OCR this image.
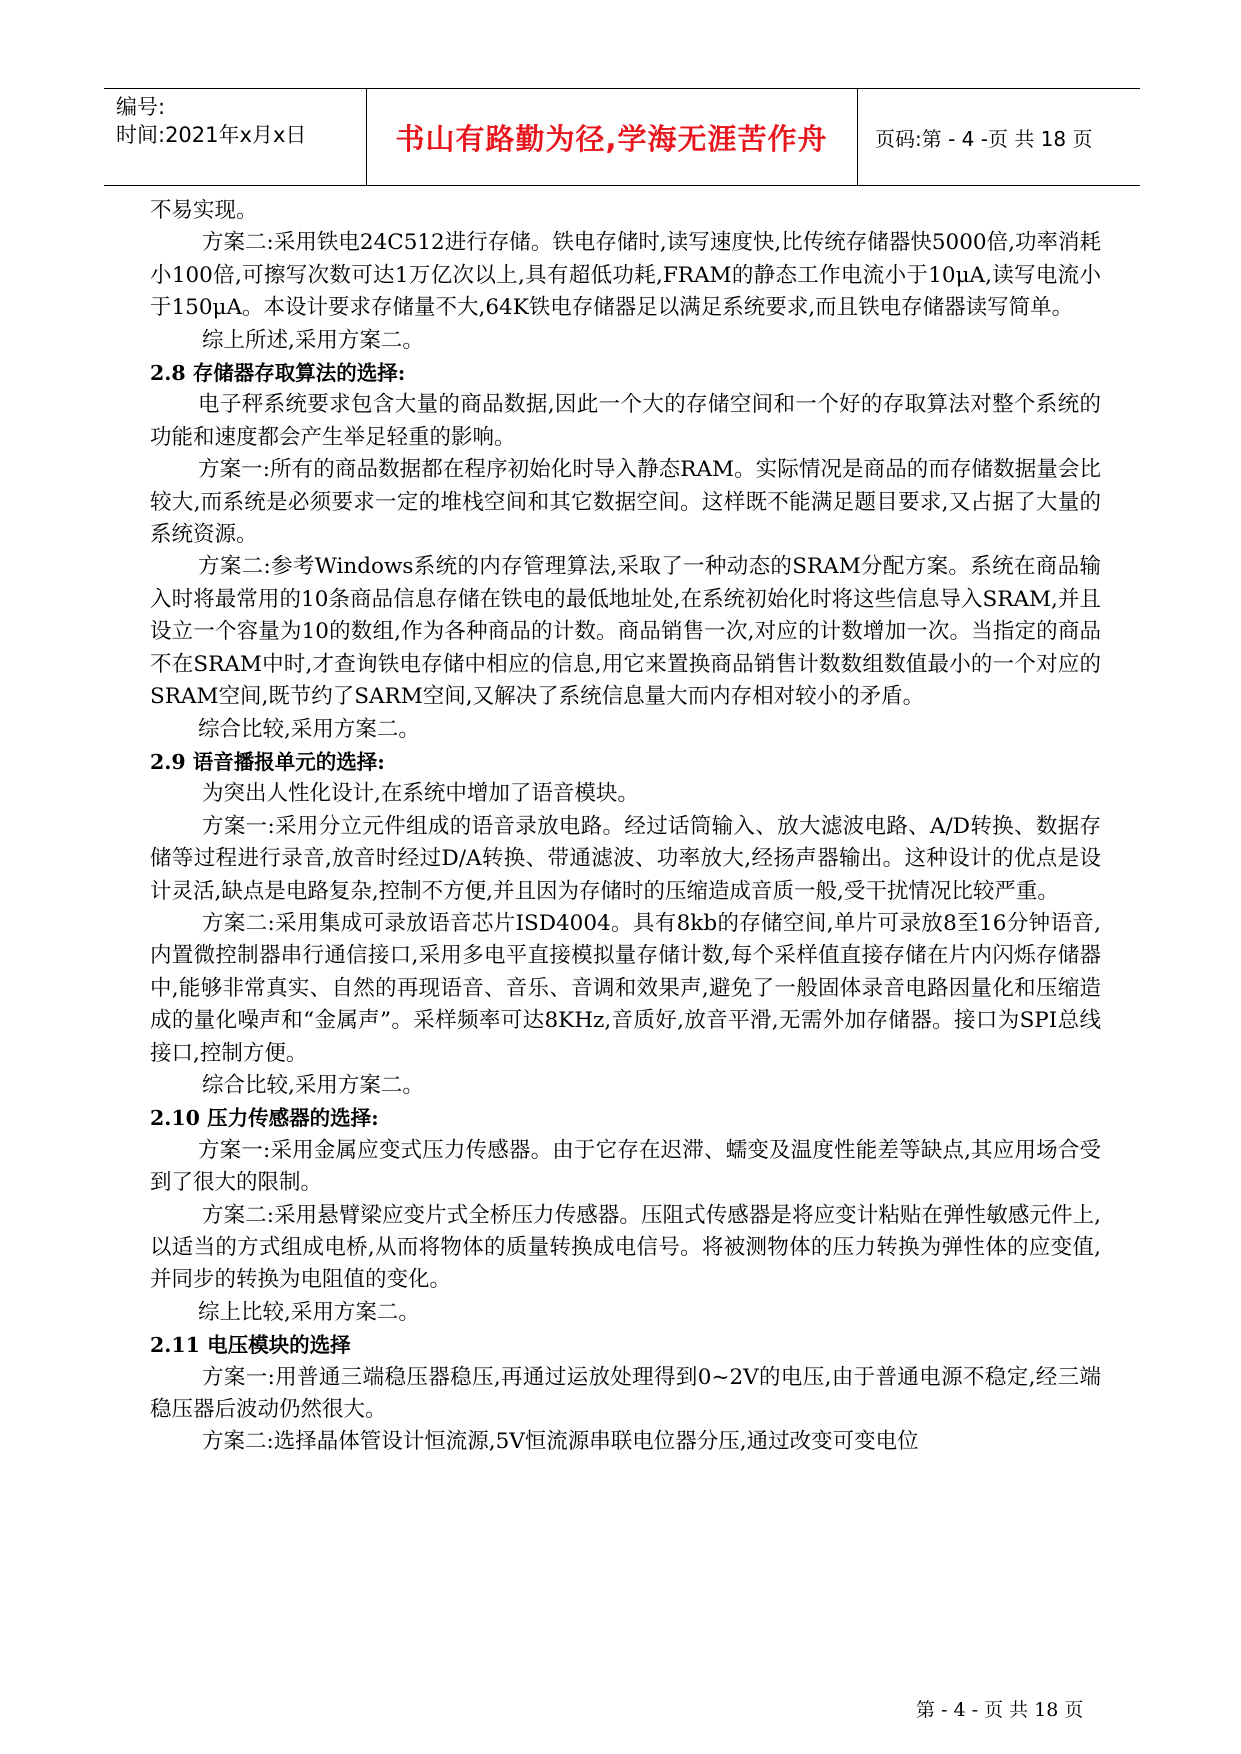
编号:
时间:2021年x月x日	书山有路勤为径,学海无涯苦作舟	页码:第 - 4 -页 共 18 页

不易实现。

方案二:采用铁电24C512进行存储。铁电存储时,读写速度快,比传统存储器快5000倍,功率消耗小100倍,可擦写次数可达1万亿次以上,具有超低功耗,FRAM的静态工作电流小于10μA,读写电流小于150μA。本设计要求存储量不大,64K铁电存储器足以满足系统要求,而且铁电存储器读写简单。

综上所述,采用方案二。

2.8 存储器存取算法的选择:

电子秤系统要求包含大量的商品数据,因此一个大的存储空间和一个好的存取算法对整个系统的功能和速度都会产生举足轻重的影响。

方案一:所有的商品数据都在程序初始化时导入静态RAM。实际情况是商品的而存储数据量会比较大,而系统是必须要求一定的堆栈空间和其它数据空间。这样既不能满足题目要求,又占据了大量的系统资源。

方案二:参考Windows系统的内存管理算法,采取了一种动态的SRAM分配方案。系统在商品输入时将最常用的10条商品信息存储在铁电的最低地址处,在系统初始化时将这些信息导入SRAM,并且设立一个容量为10的数组,作为各种商品的计数。商品销售一次,对应的计数增加一次。当指定的商品不在SRAM中时,才查询铁电存储中相应的信息,用它来置换商品销售计数数组数值最小的一个对应的SRAM空间,既节约了SARM空间,又解决了系统信息量大而内存相对较小的矛盾。

综合比较,采用方案二。

2.9 语音播报单元的选择:

为突出人性化设计,在系统中增加了语音模块。

方案一:采用分立元件组成的语音录放电路。经过话筒输入、放大滤波电路、A/D转换、数据存储等过程进行录音,放音时经过D/A转换、带通滤波、功率放大,经扬声器输出。这种设计的优点是设计灵活,缺点是电路复杂,控制不方便,并且因为存储时的压缩造成音质一般,受干扰情况比较严重。

方案二:采用集成可录放语音芯片ISD4004。具有8kb的存储空间,单片可录放8至16分钟语音,内置微控制器串行通信接口,采用多电平直接模拟量存储计数,每个采样值直接存储在片内闪烁存储器中,能够非常真实、自然的再现语音、音乐、音调和效果声,避免了一般固体录音电路因量化和压缩造成的量化噪声和“金属声”。采样频率可达8KHz,音质好,放音平滑,无需外加存储器。接口为SPI总线接口,控制方便。

综合比较,采用方案二。

2.10 压力传感器的选择:

方案一:采用金属应变式压力传感器。由于它存在迟滞、蠕变及温度性能差等缺点,其应用场合受到了很大的限制。

方案二:采用悬臂梁应变片式全桥压力传感器。压阻式传感器是将应变计粘贴在弹性敏感元件上,以适当的方式组成电桥,从而将物体的质量转换成电信号。将被测物体的压力转换为弹性体的应变值,并同步的转换为电阻值的变化。

综上比较,采用方案二。

2.11 电压模块的选择

方案一:用普通三端稳压器稳压,再通过运放处理得到0~2V的电压,由于普通电源不稳定,经三端稳压器后波动仍然很大。

方案二:选择晶体管设计恒流源,5V恒流源串联电位器分压,通过改变可变电位

第 - 4 - 页 共 18 页
